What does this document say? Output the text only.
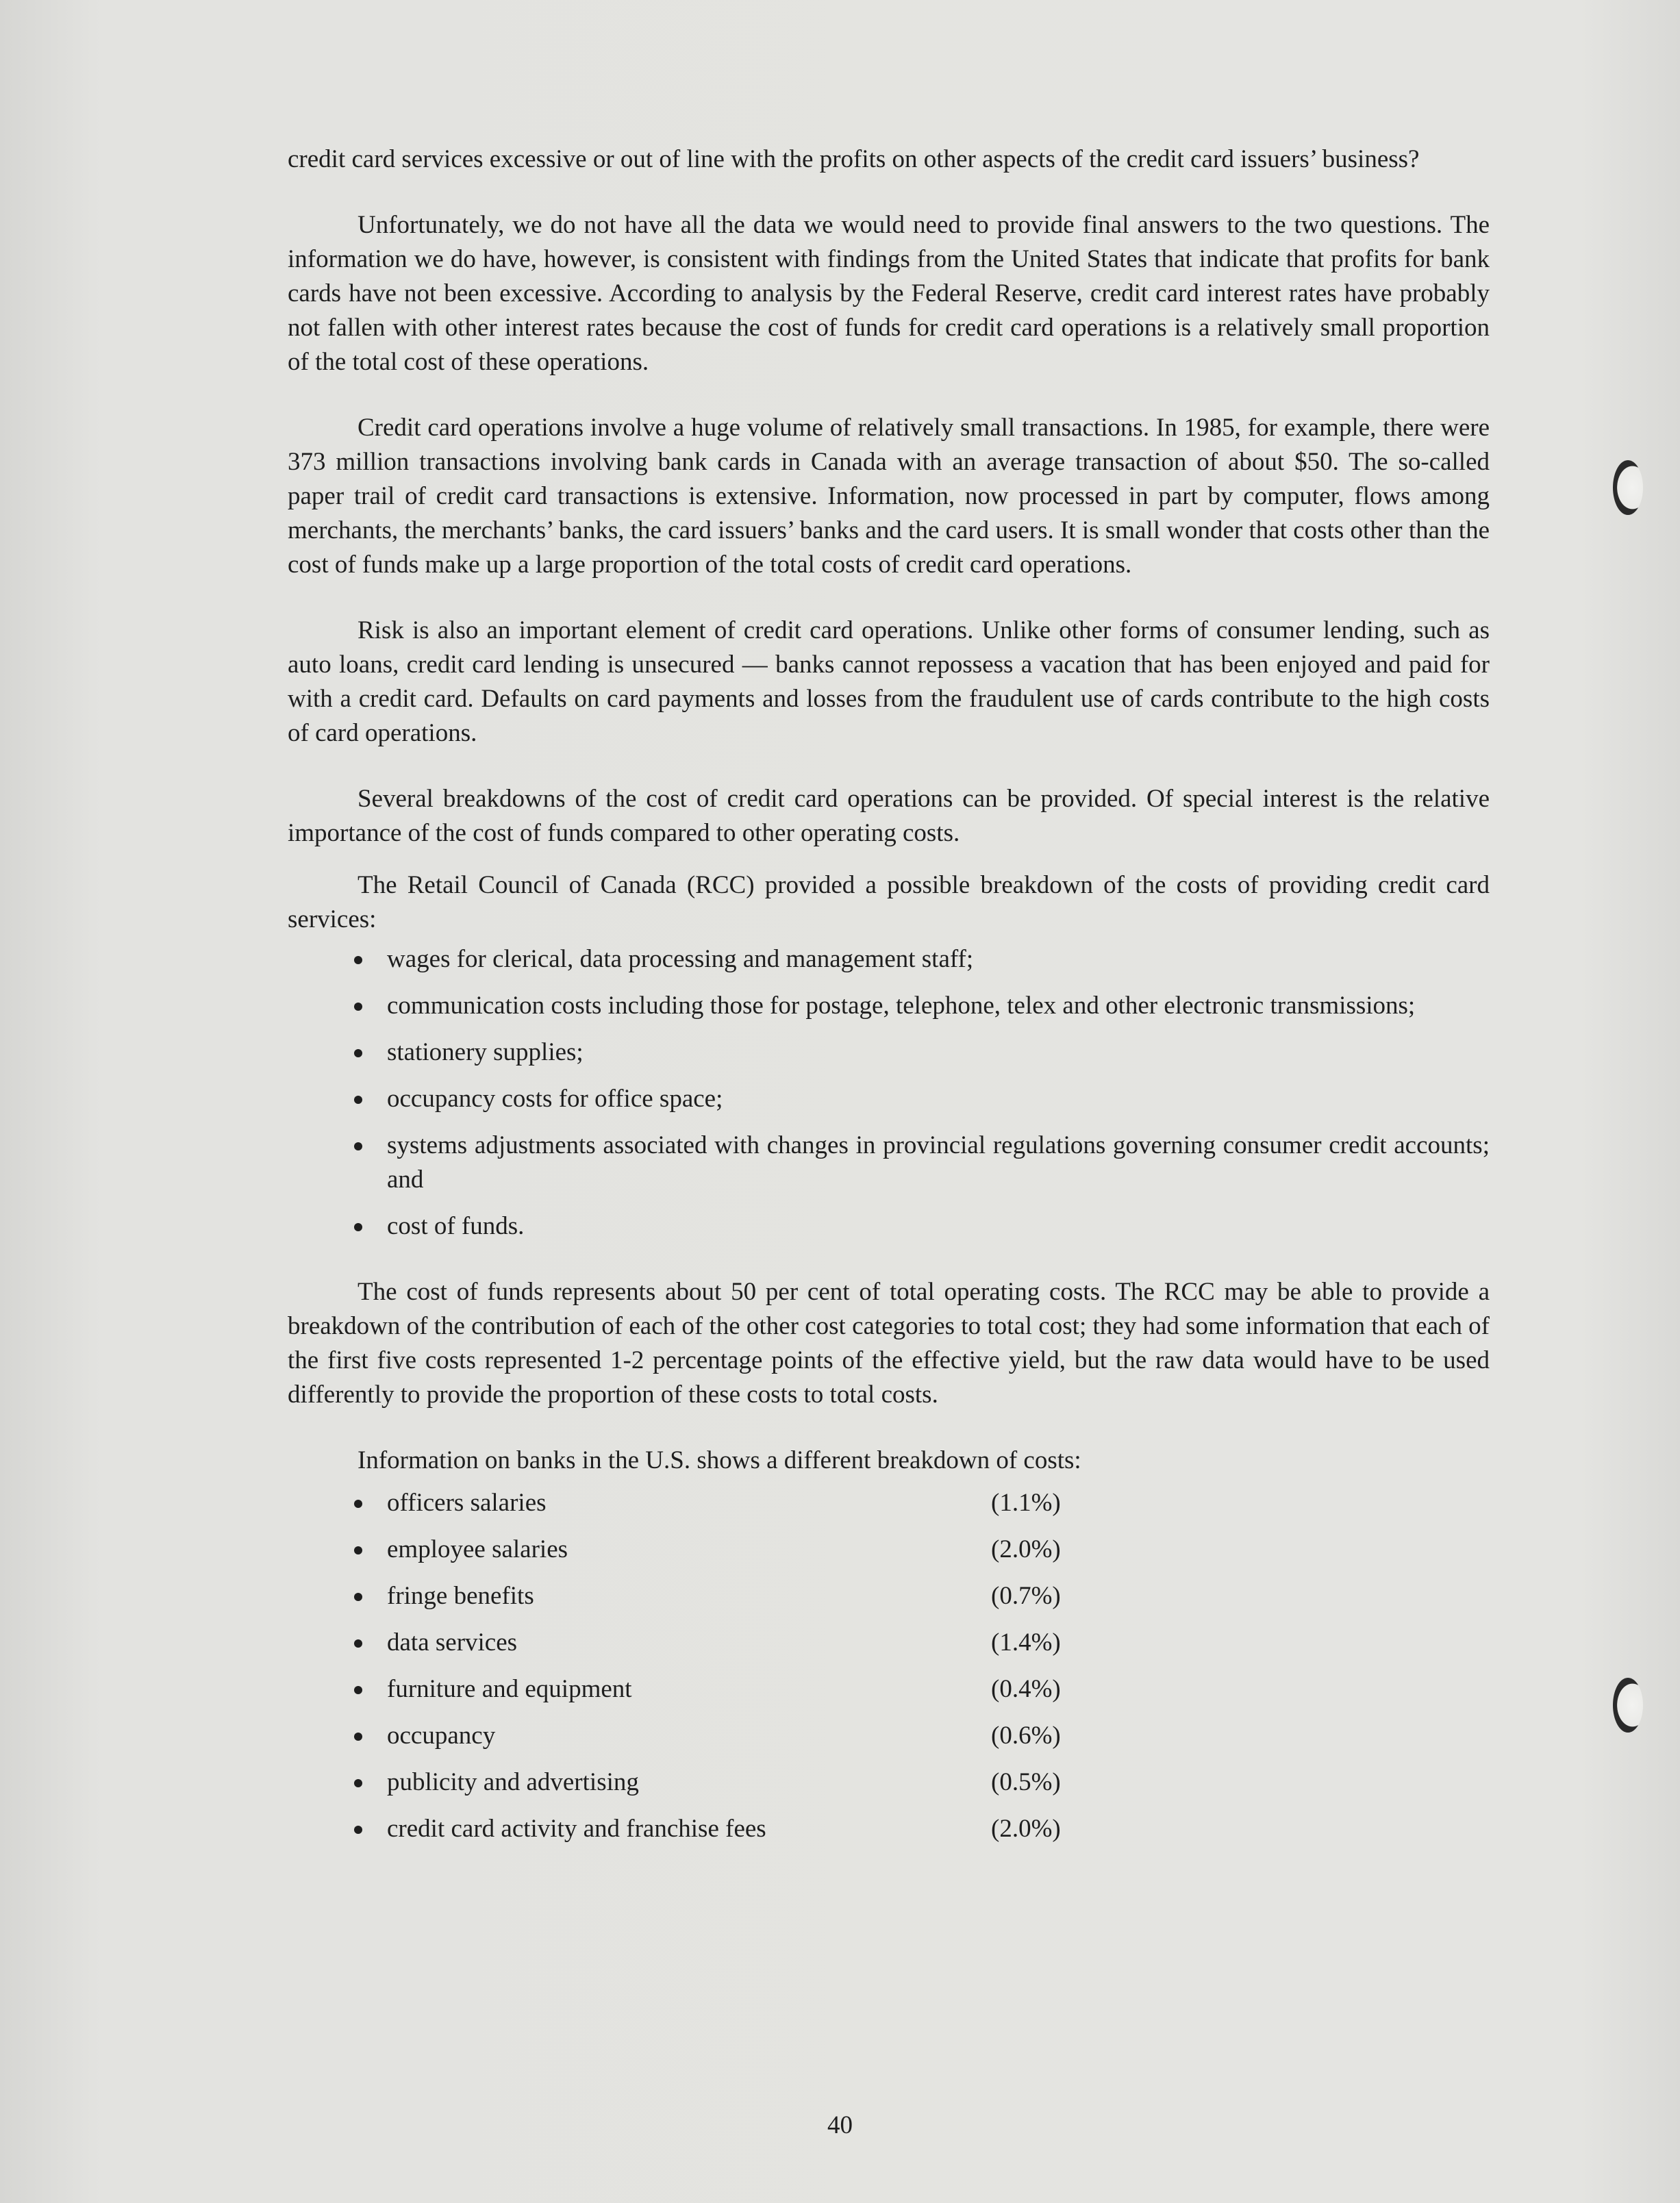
credit card services excessive or out of line with the profits on other aspects of the credit card issuers’ business?

Unfortunately, we do not have all the data we would need to provide final answers to the two questions. The information we do have, however, is consistent with findings from the United States that indicate that profits for bank cards have not been excessive. According to analysis by the Federal Reserve, credit card interest rates have probably not fallen with other interest rates because the cost of funds for credit card operations is a relatively small proportion of the total cost of these operations.

Credit card operations involve a huge volume of relatively small transactions. In 1985, for example, there were 373 million transactions involving bank cards in Canada with an average transaction of about $50. The so-called paper trail of credit card transactions is extensive. Information, now processed in part by computer, flows among merchants, the merchants’ banks, the card issuers’ banks and the card users. It is small wonder that costs other than the cost of funds make up a large proportion of the total costs of credit card operations.

Risk is also an important element of credit card operations. Unlike other forms of consumer lending, such as auto loans, credit card lending is unsecured — banks cannot repossess a vacation that has been enjoyed and paid for with a credit card. Defaults on card payments and losses from the fraudulent use of cards contribute to the high costs of card operations.

Several breakdowns of the cost of credit card operations can be provided. Of special interest is the relative importance of the cost of funds compared to other operating costs.

The Retail Council of Canada (RCC) provided a possible breakdown of the costs of providing credit card services:

wages for clerical, data processing and management staff;
communication costs including those for postage, telephone, telex and other electronic transmissions;
stationery supplies;
occupancy costs for office space;
systems adjustments associated with changes in provincial regulations governing consumer credit accounts; and
cost of funds.

The cost of funds represents about 50 per cent of total operating costs. The RCC may be able to provide a breakdown of the contribution of each of the other cost categories to total cost; they had some information that each of the first five costs represented 1-2 percentage points of the effective yield, but the raw data would have to be used differently to provide the proportion of these costs to total costs.

Information on banks in the U.S. shows a different breakdown of costs:

officers salaries	(1.1%)
employee salaries	(2.0%)
fringe benefits	(0.7%)
data services	(1.4%)
furniture and equipment	(0.4%)
occupancy	(0.6%)
publicity and advertising	(0.5%)
credit card activity and franchise fees	(2.0%)
40
